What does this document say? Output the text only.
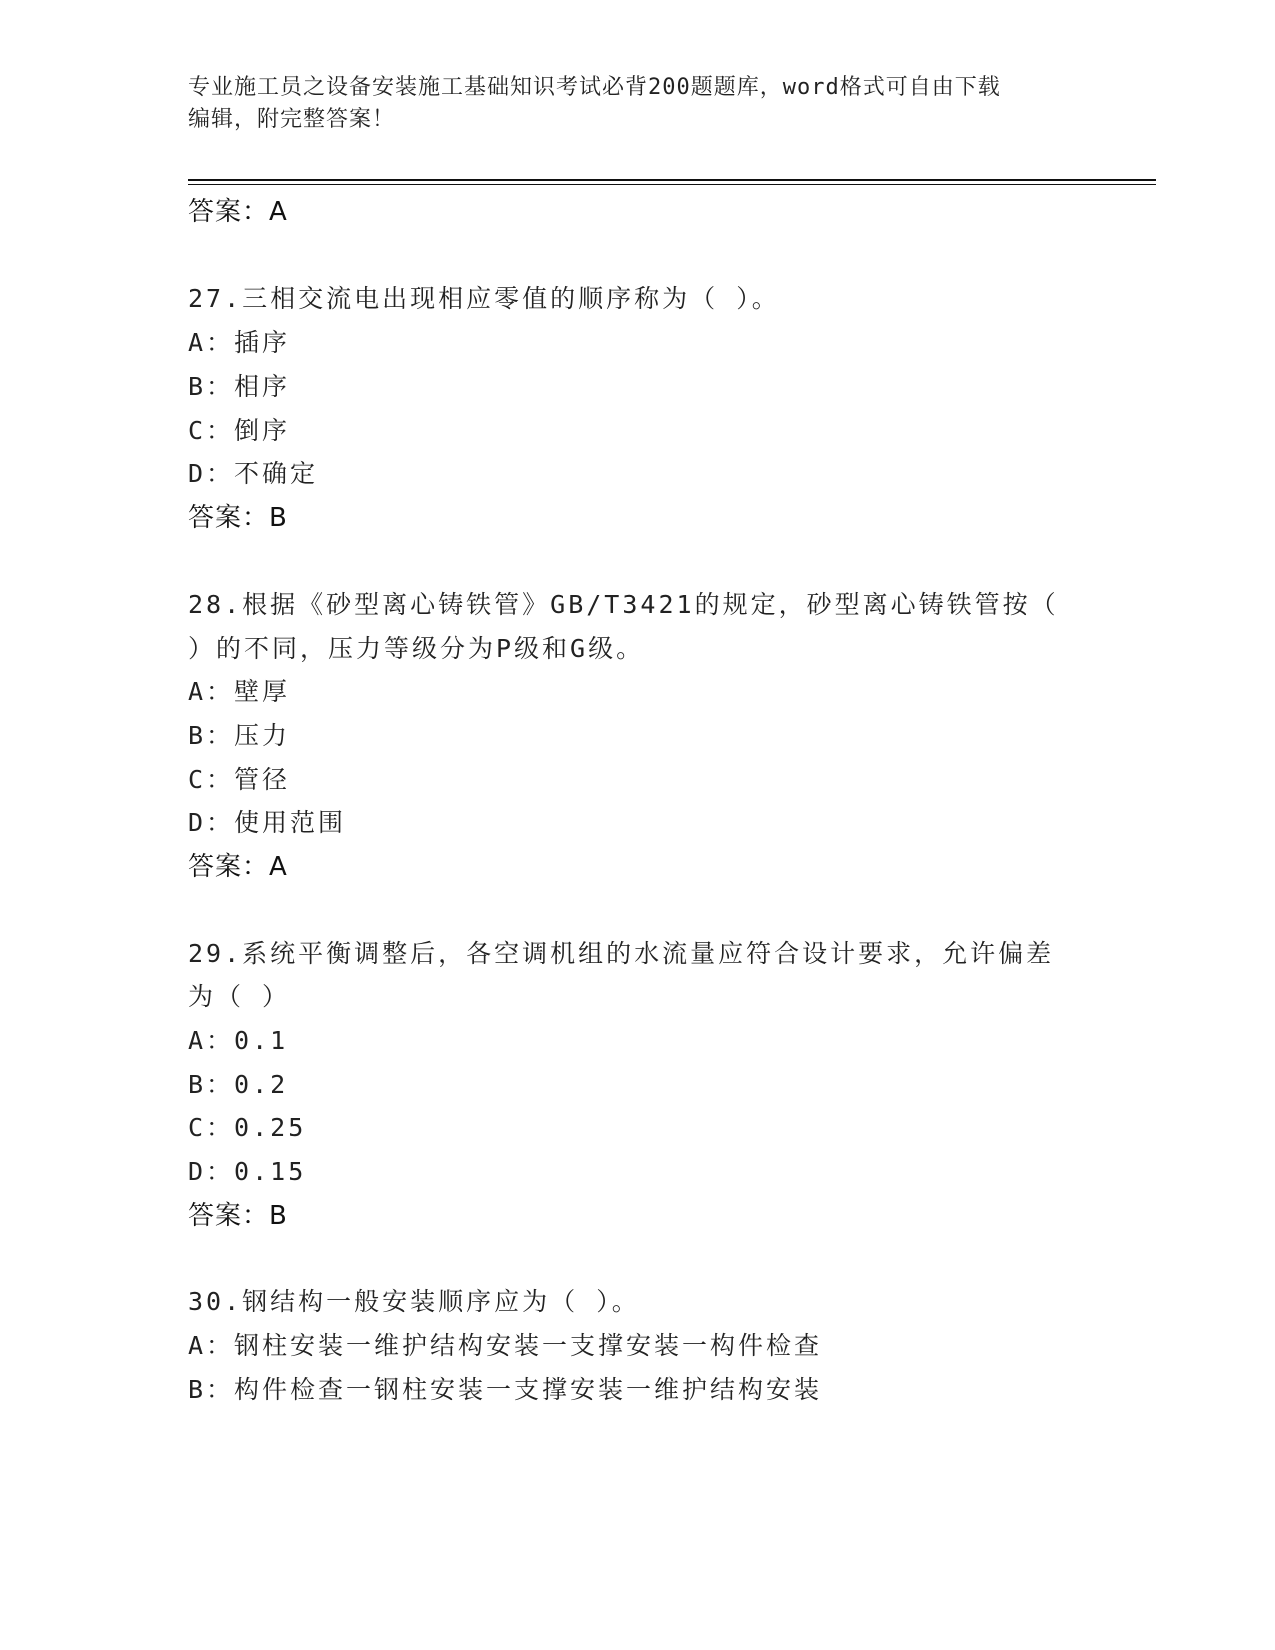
专业施工员之设备安装施工基础知识考试必背200题题库，word格式可自由下载
编辑，附完整答案！
答案：A
27.三相交流电出现相应零值的顺序称为（ ）。
A：插序
B：相序
C：倒序
D：不确定
答案：B
28.根据《砂型离心铸铁管》GB/T3421的规定，砂型离心铸铁管按（
）的不同，压力等级分为P级和G级。
A：壁厚
B：压力
C：管径
D：使用范围
答案：A
29.系统平衡调整后，各空调机组的水流量应符合设计要求，允许偏差
为（ ）
A：0.1
B：0.2
C：0.25
D：0.15
答案：B
30.钢结构一般安装顺序应为（ ）。
A：钢柱安装一维护结构安装一支撑安装一构件检查
B：构件检查一钢柱安装一支撑安装一维护结构安装
